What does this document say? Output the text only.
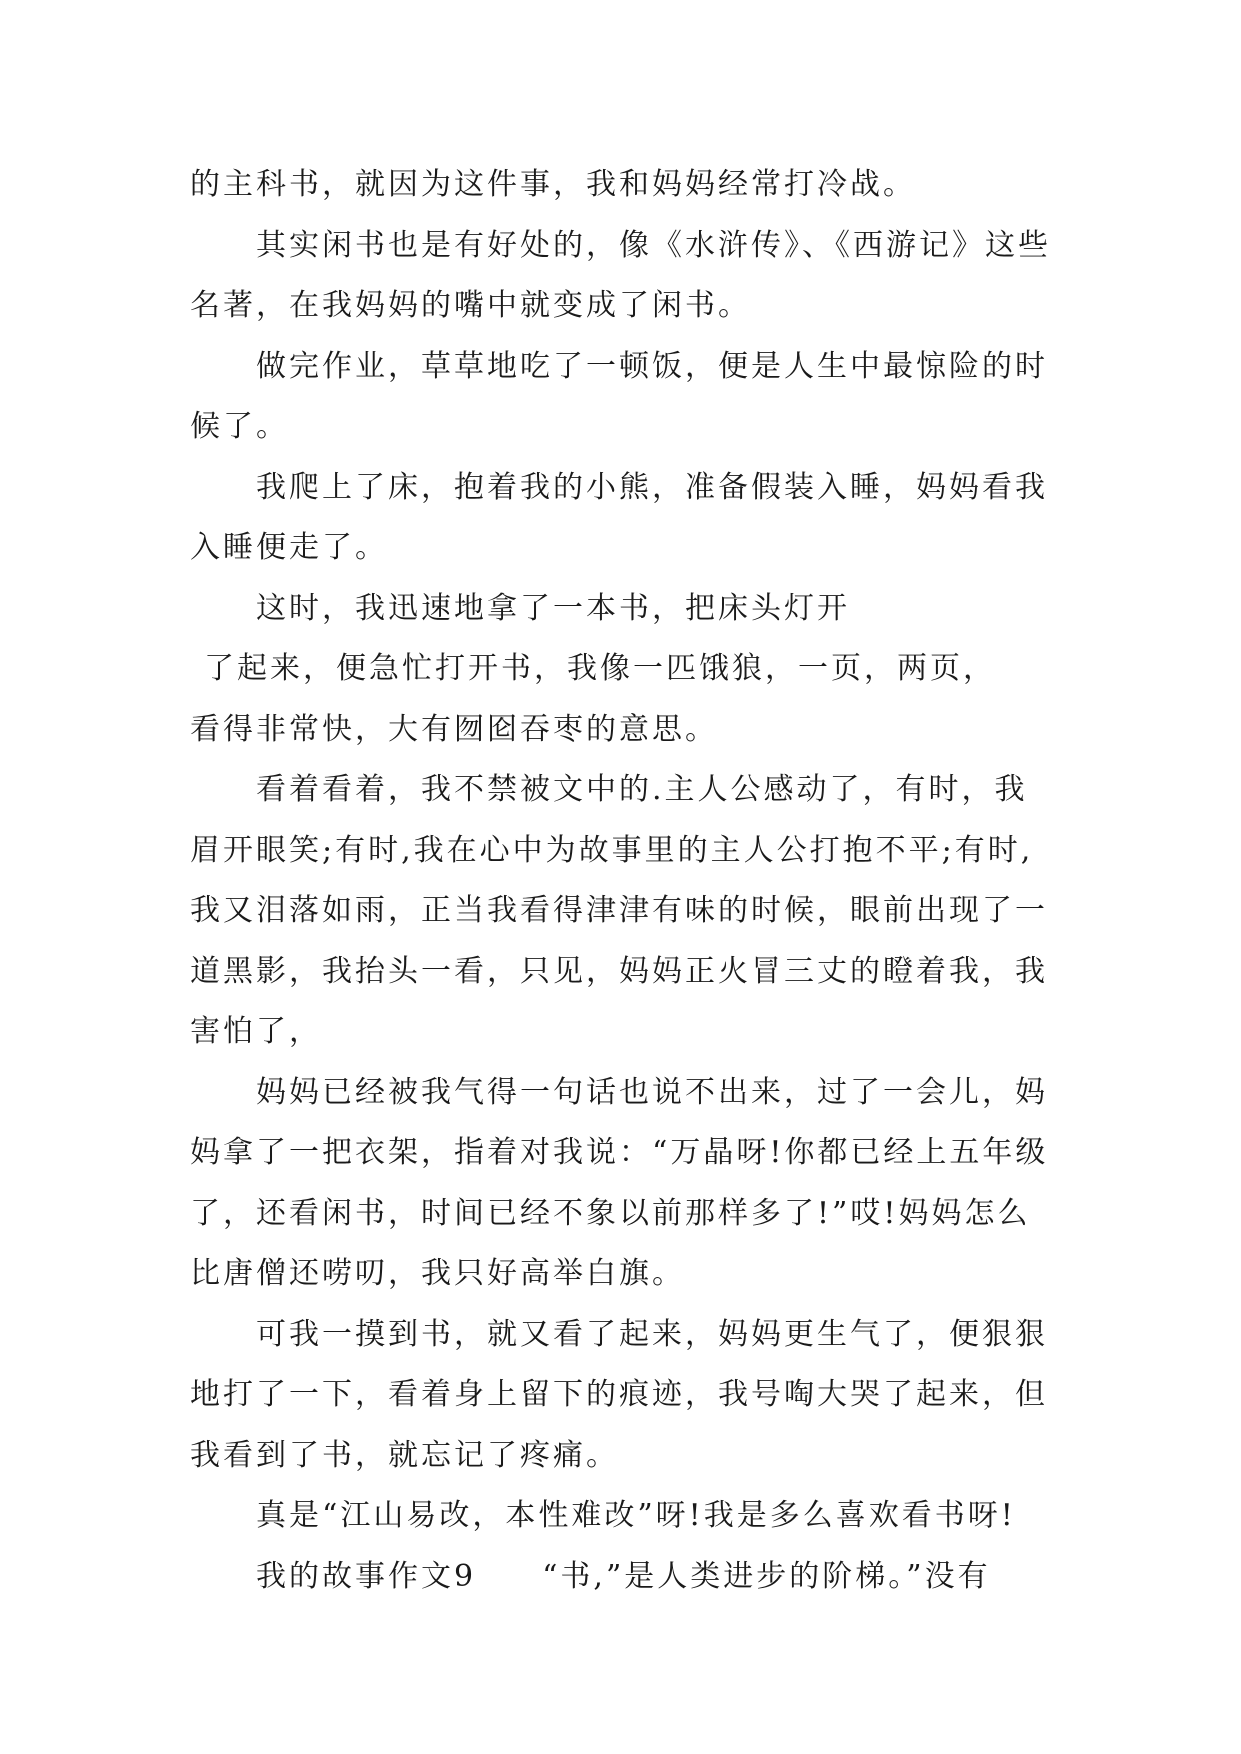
的主科书，就因为这件事，我和妈妈经常打冷战。
其实闲书也是有好处的，像《水浒传》、《西游记》这些
名著，在我妈妈的嘴中就变成了闲书。
做完作业，草草地吃了一顿饭，便是人生中最惊险的时
候了。
我爬上了床，抱着我的小熊，准备假装入睡，妈妈看我
入睡便走了。
这时，我迅速地拿了一本书，把床头灯开
了起来，便急忙打开书，我像一匹饿狼，一页，两页，
看得非常快，大有囫囵吞枣的意思。
看着看着，我不禁被文中的.主人公感动了，有时，我
眉开眼笑;有时,我在心中为故事里的主人公打抱不平;有时,
我又泪落如雨，正当我看得津津有味的时候，眼前出现了一
道黑影，我抬头一看，只见，妈妈正火冒三丈的瞪着我，我
害怕了，
妈妈已经被我气得一句话也说不出来，过了一会儿，妈
妈拿了一把衣架，指着对我说：“万晶呀!你都已经上五年级
了，还看闲书，时间已经不象以前那样多了!”哎!妈妈怎么
比唐僧还唠叨，我只好高举白旗。
可我一摸到书，就又看了起来，妈妈更生气了，便狠狠
地打了一下，看着身上留下的痕迹，我号啕大哭了起来，但
我看到了书，就忘记了疼痛。
真是“江山易改，本性难改”呀!我是多么喜欢看书呀!
我的故事作文9　　“书,”是人类进步的阶梯。”没有
